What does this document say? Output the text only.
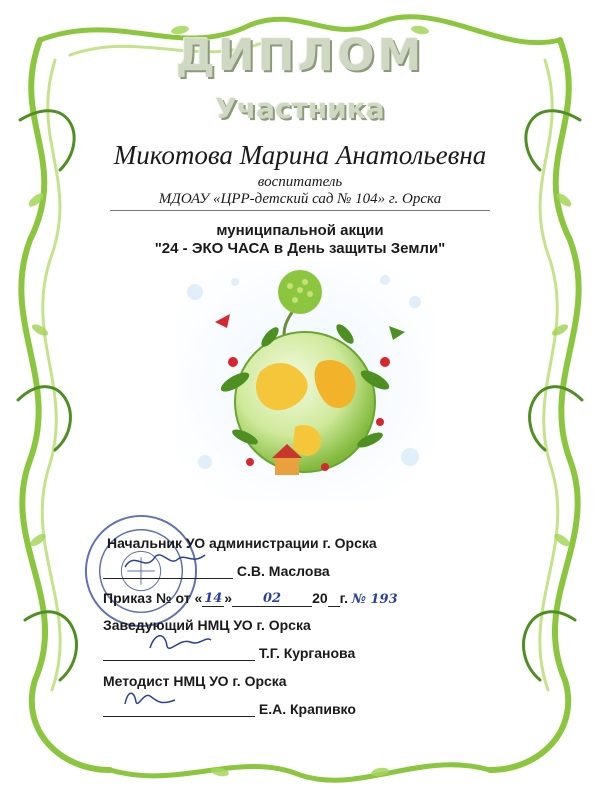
ДИПЛОМ
Участника
Микотова Марина Анатольевна
воспитатель
МДОАУ «ЦРР-детский сад № 104» г. Орска
муниципальной акции
"24 - ЭКО ЧАСА в День защиты Земли"
Начальник УО администрации г. Орска
С.В. Маслова
Приказ № от « 14 » 02 20 г. № 193
Заведующий НМЦ УО г. Орска
Т.Г. Курганова
Методист НМЦ УО г. Орска
Е.А. Крапивко
